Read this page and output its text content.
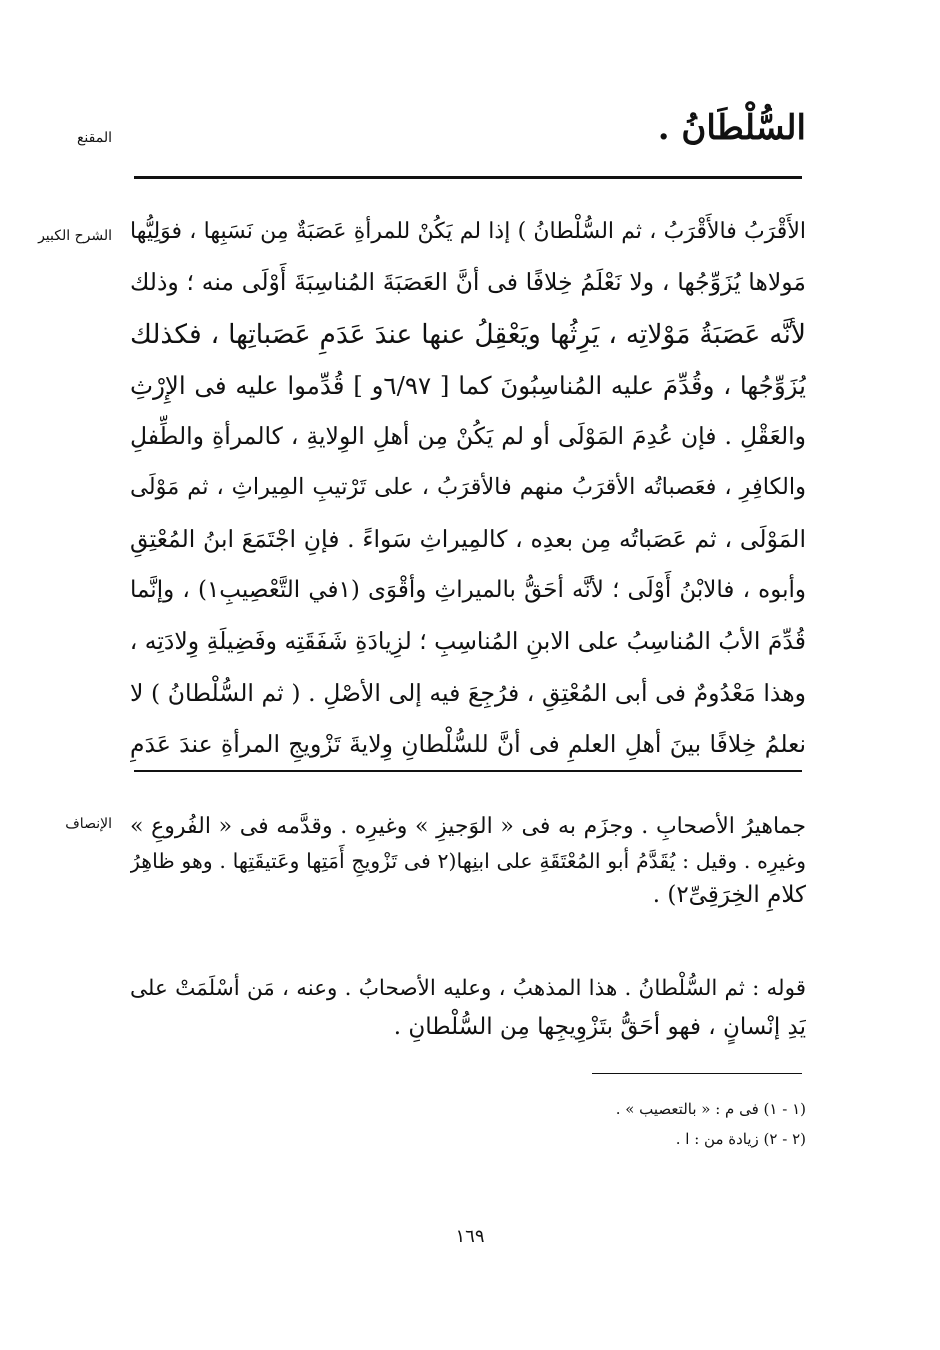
السُّلْطَانُ .
المقنع
الشرح الكبير الأَقْرَبُ فالأَقْرَبُ ، ثم السُّلْطانُ ) إذا لم يَكُنْ للمرأةِ عَصَبَةٌ مِن نَسَبِها ، فوَلِيُّها
مَولاها يُزَوِّجُها ، ولا نَعْلَمُ خِلافًا فى أنَّ العَصَبَةَ المُناسِبَةَ أَوْلَى منه ؛ وذلك
لأنَّه عَصَبَةُ مَوْلاتِه ، يَرِثُها ويَعْقِلُ عنها عندَ عَدَمِ عَصَباتِها ، فكذلك
يُزَوِّجُها ، وقُدِّمَ عليه المُناسِبُونَ كما [ ٦/٩٧و ] قُدِّموا عليه فى الإِرْثِ
والعَقْلِ . فإن عُدِمَ المَوْلَى أو لم يَكُنْ مِن أهلِ الوِلايةِ ، كالمرأةِ والطِّفلِ
والكافِرِ ، فعَصباتُه الأقرَبُ منهم فالأقرَبُ ، على تَرْتيبِ المِيراثِ ، ثم مَوْلَى
المَوْلَى ، ثم عَصَباتُه مِن بعدِه ، كالمِيراثِ سَواءً . فإنِ اجْتَمَعَ ابنُ المُعْتِقِ
وأبوه ، فالابْنُ أَوْلَى ؛ لأنَّه أحَقُّ بالميراثِ وأقْوَى (١في التَّعْصِيبِ١) ، وإنَّما
قُدِّمَ الأبُ المُناسِبُ على الابنِ المُناسِبِ ؛ لزِيادَةِ شَفَقَتِه وفَضِيلَةِ وِلادَتِه ،
وهذا مَعْدُومٌ فى أبى المُعْتِقِ ، فرُجِعَ فيه إلى الأصْلِ . ( ثم السُّلْطانُ ) لا
نعلمُ خِلافًا بينَ أهلِ العلمِ فى أنَّ للسُّلْطانِ وِلايةَ تَزْويجِ المرأةِ عندَ عَدَمِ
الإنصاف جماهيرُ الأصحابِ . وجزَم به فى « الوَجيزِ » وغيرِه . وقدَّمه فى « الفُروعِ »
وغيرِه . وقيل : يُقَدَّمُ أبو المُعْتَقَةِ على ابنِها(٢ فى تَزْويجِ أَمَتِها وعَتيقَتِها . وهو ظاهِرُ
كلامِ الخِرَقِىِّ٢) .
قوله : ثم السُّلْطانُ . هذا المذهبُ ، وعليه الأصحابُ . وعنه ، مَن أسْلَمَتْ على
يَدِ إنْسانٍ ، فهو أحَقُّ بتَزْوِيجِها مِن السُّلْطانِ .
(١ - ١) فى م : « بالتعصيب » .
(٢ - ٢) زيادة من : ا .
١٦٩
